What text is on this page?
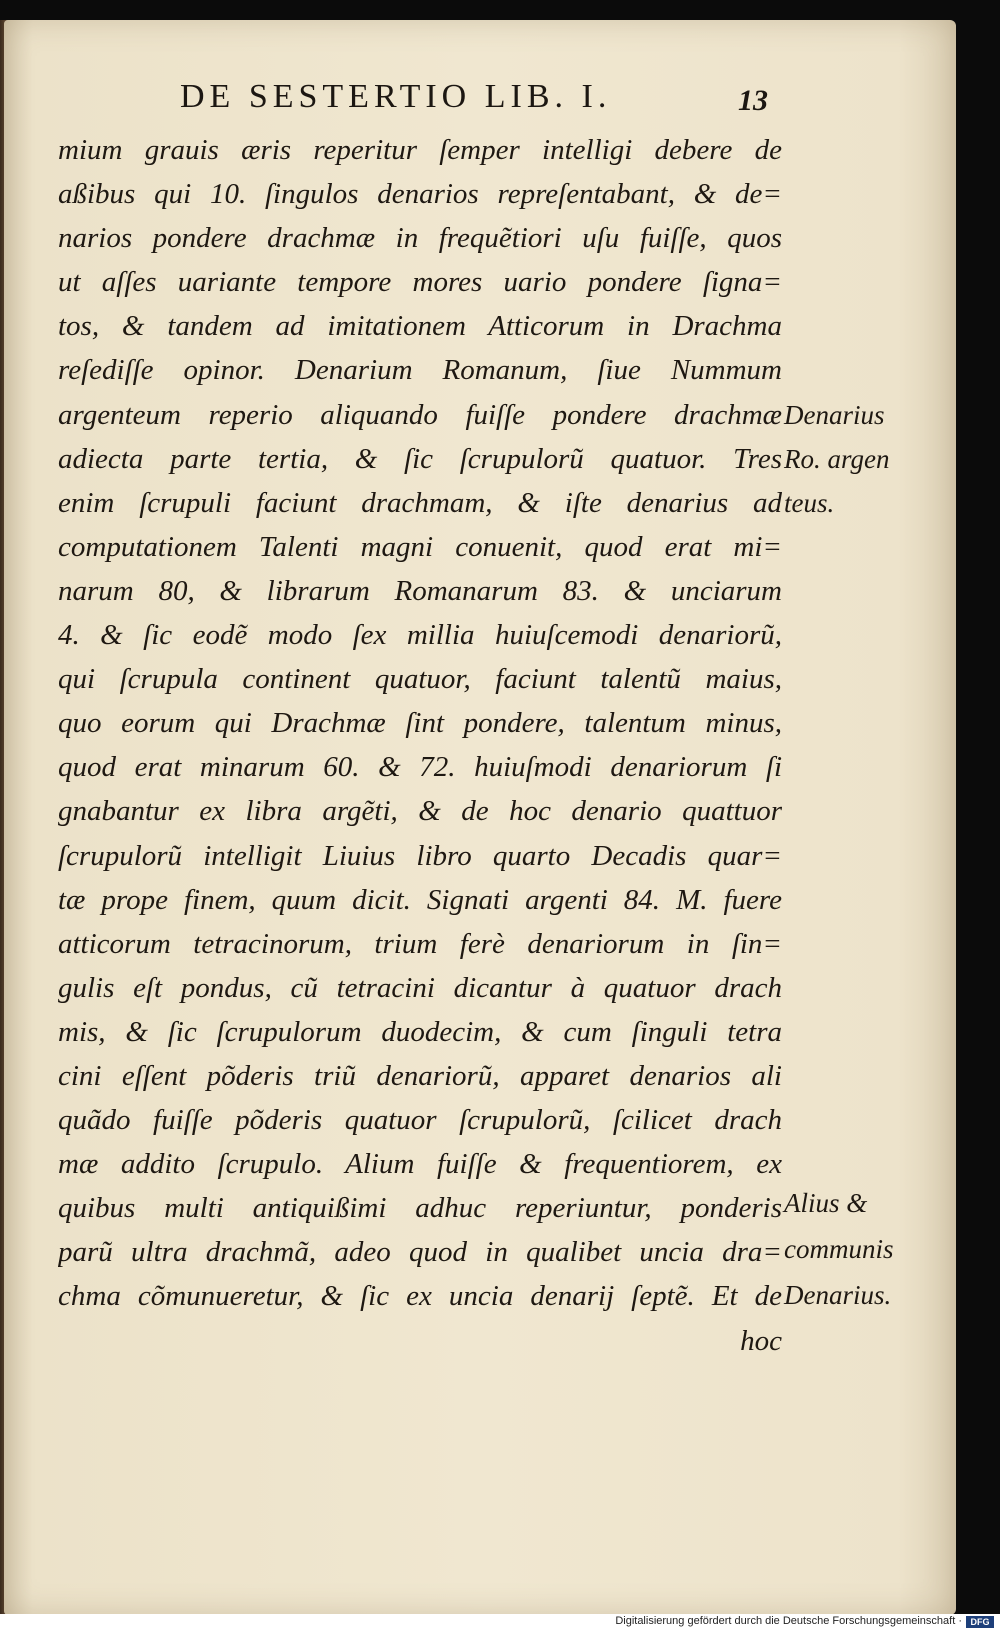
DE SESTERTIO LIB. I.	13
mium grauis æris reperitur ſemper intelligi debere de
aßibus qui 10. ſingulos denarios repreſentabant, & de=
narios pondere drachmæ in frequẽtiori uſu fuiſſe, quos
ut aſſes uariante tempore mores uario pondere ſigna=
tos, & tandem ad imitationem Atticorum in Drachma
reſediſſe opinor. Denarium Romanum, ſiue Nummum
argenteum reperio aliquando fuiſſe pondere drachmæ
adiecta parte tertia, & ſic ſcrupulorũ quatuor. Tres
enim ſcrupuli faciunt drachmam, & iſte denarius ad
computationem Talenti magni conuenit, quod erat mi=
narum 80, & librarum Romanarum 83. & unciarum
4. & ſic eodẽ modo ſex millia huiuſcemodi denariorũ,
qui ſcrupula continent quatuor, faciunt talentũ maius,
quo eorum qui Drachmæ ſint pondere, talentum minus,
quod erat minarum 60. & 72. huiuſmodi denariorum ſi
gnabantur ex libra argẽti, & de hoc denario quattuor
ſcrupulorũ intelligit Liuius libro quarto Decadis quar=
tæ prope finem, quum dicit. Signati argenti 84. M. fuere
atticorum tetracinorum, trium ferè denariorum in ſin=
gulis eſt pondus, cũ tetracini dicantur à quatuor drach
mis, & ſic ſcrupulorum duodecim, & cum ſinguli tetra
cini eſſent põderis triũ denariorũ, apparet denarios ali
quãdo fuiſſe põderis quatuor ſcrupulorũ, ſcilicet drach
mæ addito ſcrupulo. Alium fuiſſe & frequentiorem, ex
quibus multi antiquißimi adhuc reperiuntur, ponderis
parũ ultra drachmã, adeo quod in qualibet uncia dra=
chma cõmunueretur, & ſic ex uncia denarij ſeptẽ. Et de
hoc
Denarius
Ro. argen
teus.
Alius &
communis
Denarius.
Digitalisierung gefördert durch die Deutsche Forschungsgemeinschaft · DFG
